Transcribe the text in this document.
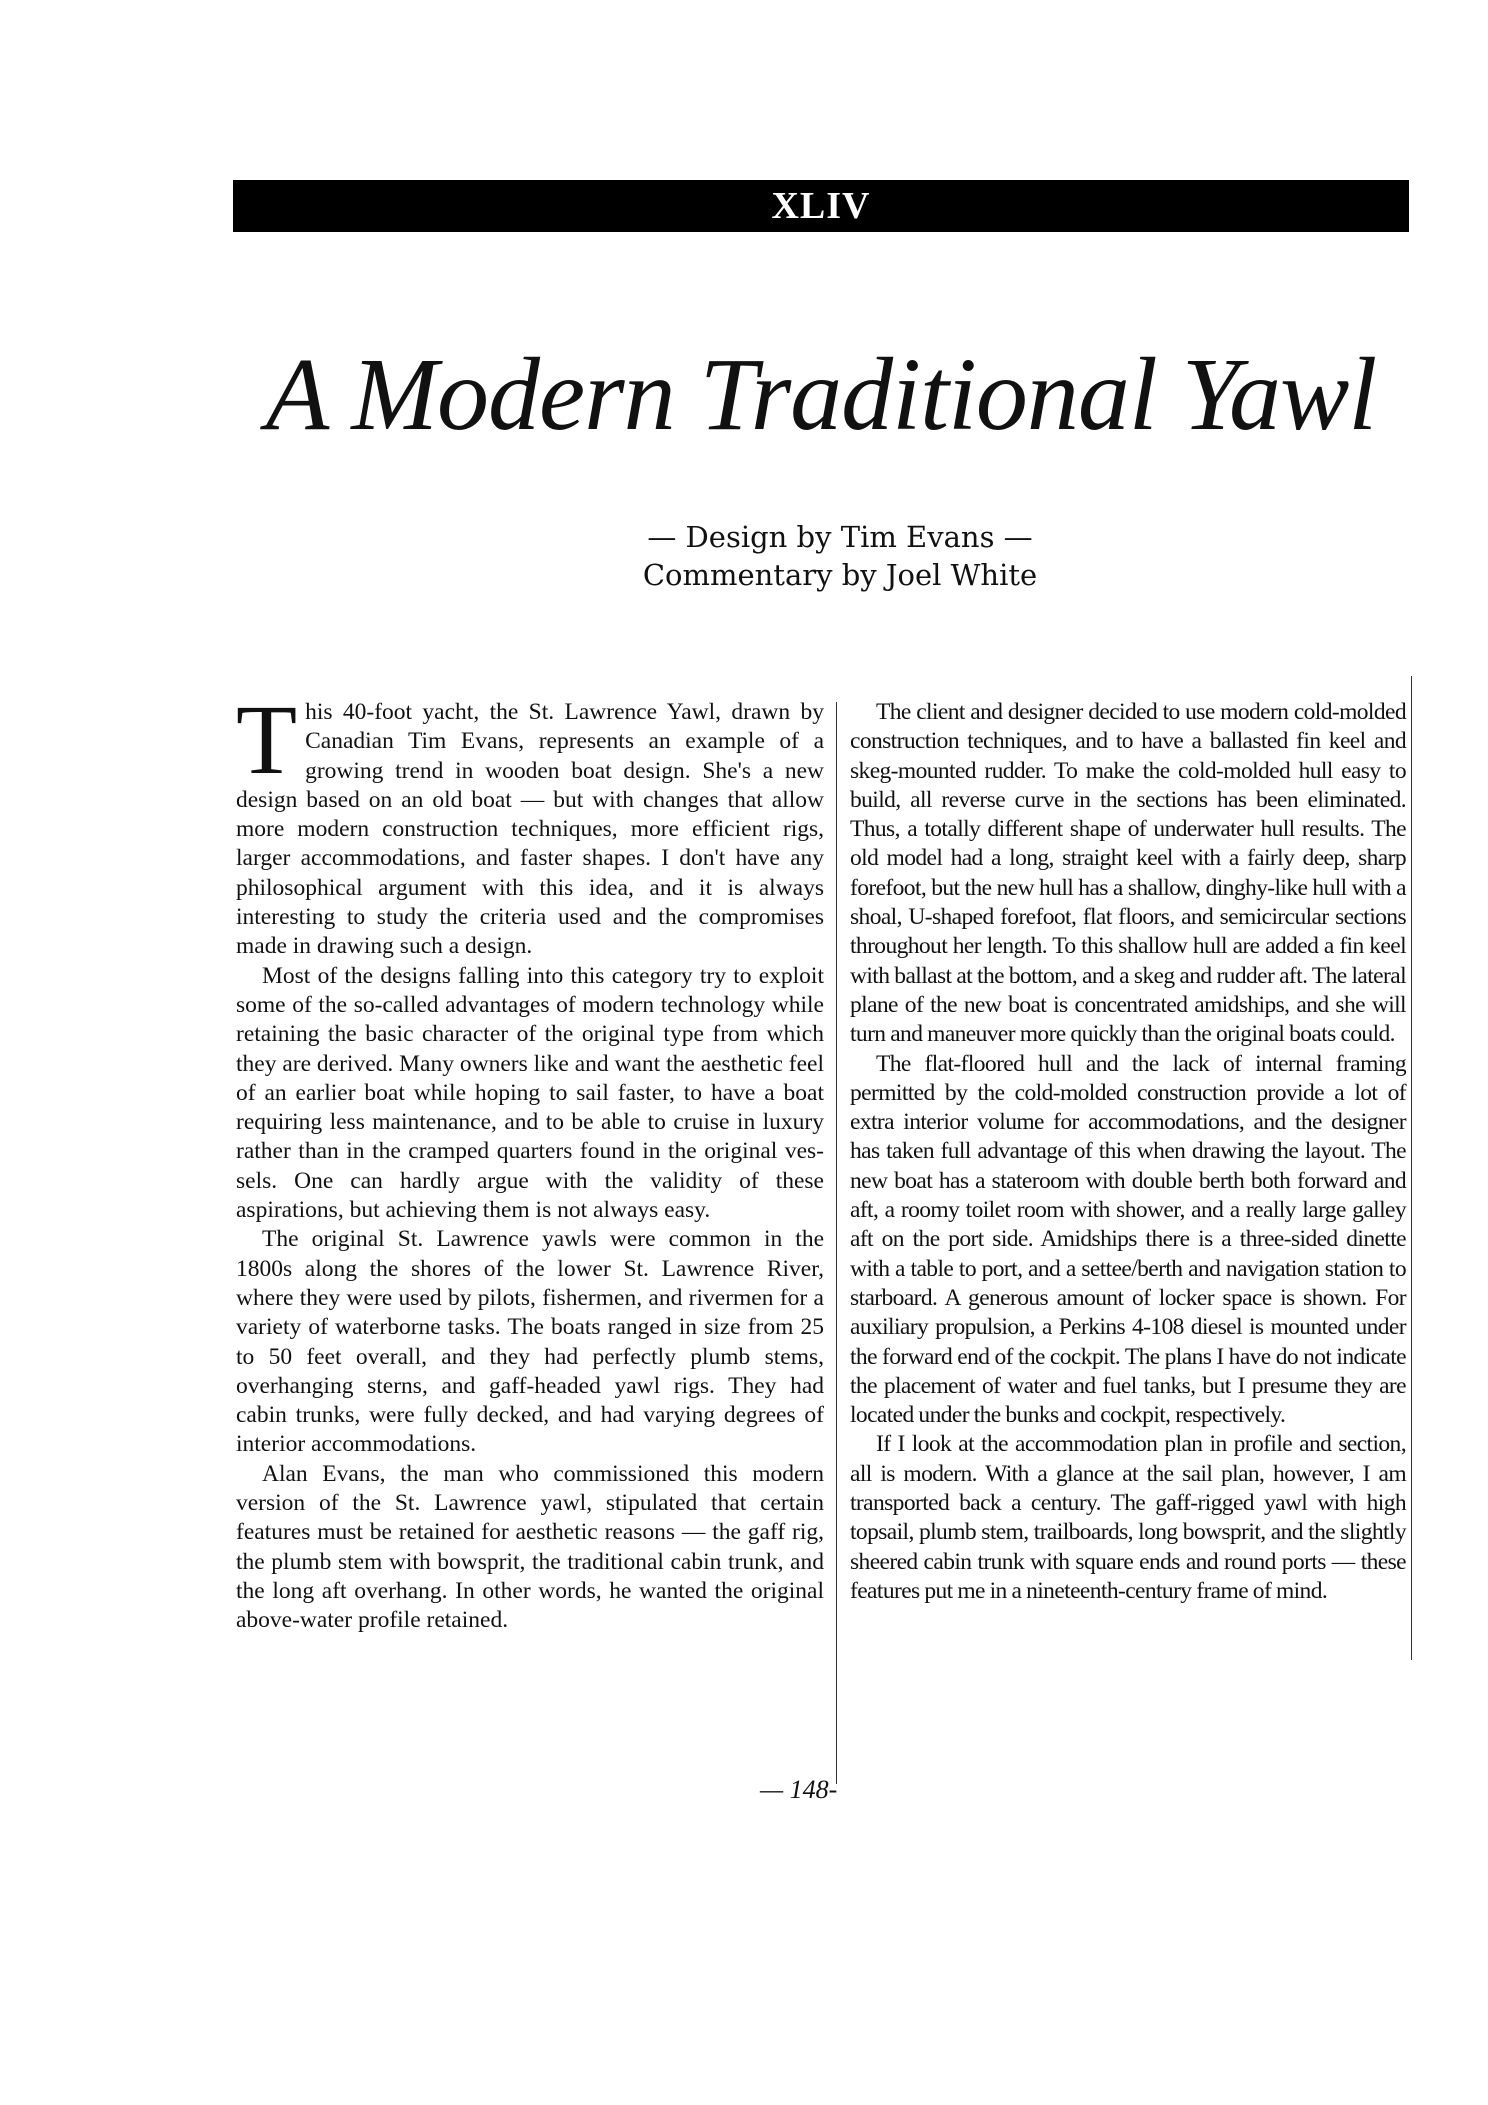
XLIV
A Modern Traditional Yawl
— Design by Tim Evans —
Commentary by Joel White

This 40-foot yacht, the St. Lawrence Yawl, drawn by Canadian Tim Evans, represents an example of a growing trend in wooden boat design. She's a new design based on an old boat — but with changes that allow more modern construction techniques, more efficient rigs, larger accommodations, and faster shapes. I don't have any philosophical argument with this idea, and it is always interesting to study the criteria used and the compromises made in drawing such a design.

Most of the designs falling into this category try to exploit some of the so-called advantages of modern technology while retaining the basic character of the original type from which they are derived. Many owners like and want the aesthetic feel of an earlier boat while hoping to sail faster, to have a boat requiring less maintenance, and to be able to cruise in luxury rather than in the cramped quarters found in the original vessels. One can hardly argue with the validity of these aspirations, but achieving them is not always easy.

The original St. Lawrence yawls were common in the 1800s along the shores of the lower St. Lawrence River, where they were used by pilots, fishermen, and rivermen for a variety of waterborne tasks. The boats ranged in size from 25 to 50 feet overall, and they had perfectly plumb stems, overhanging sterns, and gaff-headed yawl rigs. They had cabin trunks, were fully decked, and had varying degrees of interior accommodations.

Alan Evans, the man who commissioned this modern version of the St. Lawrence yawl, stipulated that certain features must be retained for aesthetic reasons — the gaff rig, the plumb stem with bowsprit, the traditional cabin trunk, and the long aft overhang. In other words, he wanted the original above-water profile retained.

The client and designer decided to use modern cold-molded construction techniques, and to have a ballasted fin keel and skeg-mounted rudder. To make the cold-molded hull easy to build, all reverse curve in the sections has been eliminated. Thus, a totally different shape of underwater hull results. The old model had a long, straight keel with a fairly deep, sharp forefoot, but the new hull has a shallow, dinghy-like hull with a shoal, U-shaped forefoot, flat floors, and semicircular sections throughout her length. To this shallow hull are added a fin keel with ballast at the bottom, and a skeg and rudder aft. The lateral plane of the new boat is concentrated amidships, and she will turn and maneuver more quickly than the original boats could.

The flat-floored hull and the lack of internal framing permitted by the cold-molded construction provide a lot of extra interior volume for accommodations, and the designer has taken full advantage of this when drawing the layout. The new boat has a stateroom with double berth both forward and aft, a roomy toilet room with shower, and a really large galley aft on the port side. Amidships there is a three-sided dinette with a table to port, and a settee/berth and navigation station to starboard. A generous amount of locker space is shown. For auxiliary propulsion, a Perkins 4-108 diesel is mounted under the forward end of the cockpit. The plans I have do not indicate the placement of water and fuel tanks, but I presume they are located under the bunks and cockpit, respectively.

If I look at the accommodation plan in profile and section, all is modern. With a glance at the sail plan, however, I am transported back a century. The gaff-rigged yawl with high topsail, plumb stem, trailboards, long bowsprit, and the slightly sheered cabin trunk with square ends and round ports — these features put me in a nineteenth-century frame of mind.

— 148-
